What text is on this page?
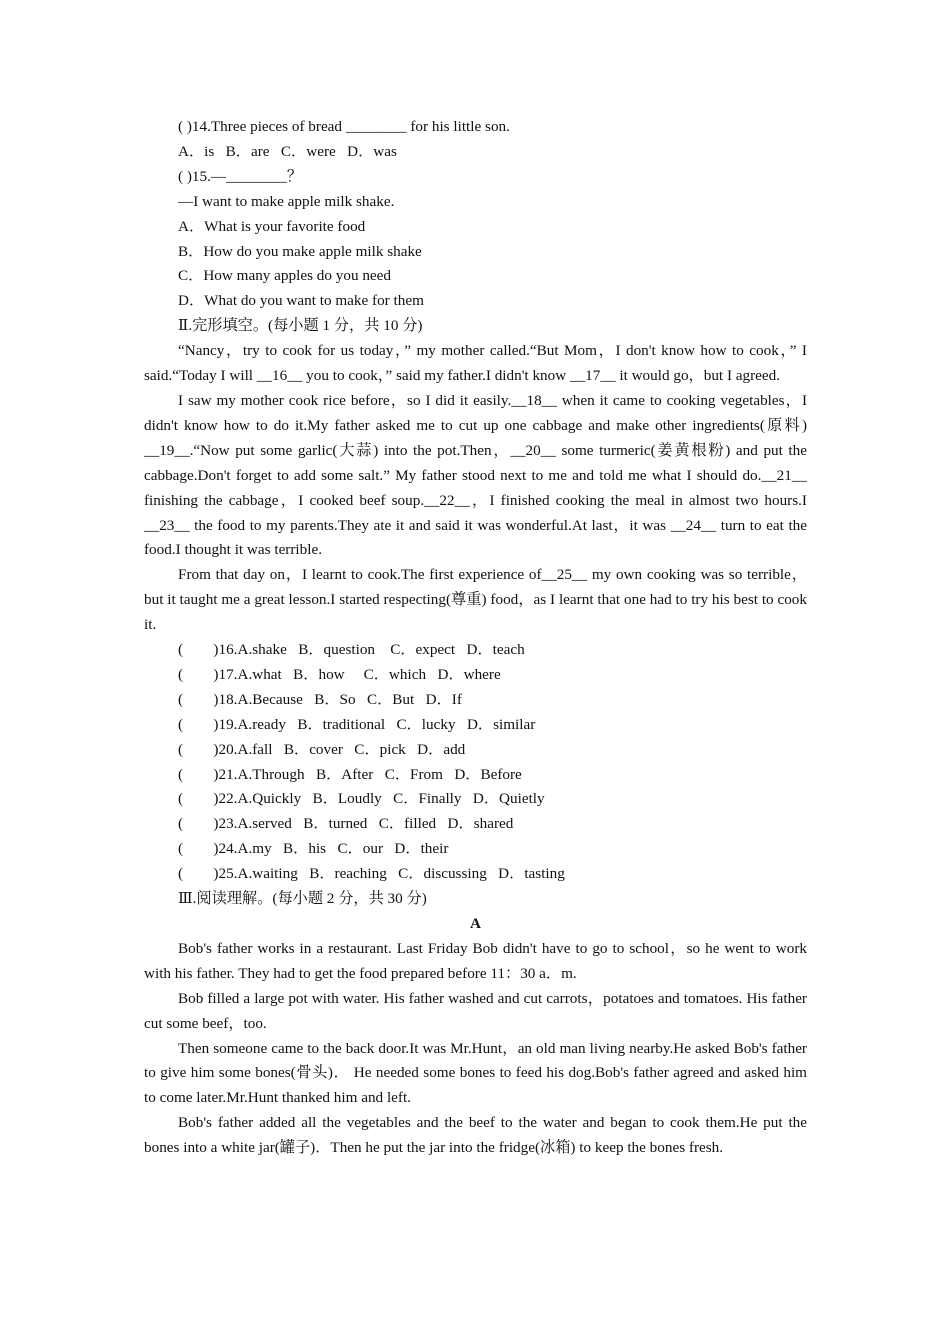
( )14.Three pieces of bread ________ for his little son.
A．is   B．are   C．were   D．was
( )15.—________？
—I want to make apple milk shake.
A．What is your favorite food
B．How do you make apple milk shake
C．How many apples do you need
D．What do you want to make for them
Ⅱ.完形填空。(每小题 1 分，共 10 分)

“Nancy，try to cook for us today，” my mother called.“But Mom，I don't know how to cook，” I said.“Today I will __16__ you to cook，” said my father.I didn't know __17__ it would go，but I agreed.

I saw my mother cook rice before，so I did it easily.__18__ when it came to cooking vegetables，I didn't know how to do it.My father asked me to cut up one cabbage and make other ingredients(原料) __19__.“Now put some garlic(大蒜) into the pot.Then，__20__ some turmeric(姜黄根粉) and put the cabbage.Don't forget to add some salt.” My father stood next to me and told me what I should do.__21__ finishing the cabbage，I cooked beef soup.__22__，I finished cooking the meal in almost two hours.I __23__ the food to my parents.They ate it and said it was wonderful.At last，it was __24__ turn to eat the food.I thought it was terrible.

From that day on，I learnt to cook.The first experience of__25__ my own cooking was so terrible，but it taught me a great lesson.I started respecting(尊重) food，as I learnt that one had to try his best to cook it.

(        )16.A.shake   B．question    C．expect   D．teach
(        )17.A.what   B．how     C．which   D．where
(        )18.A.Because   B．So   C．But   D．If
(        )19.A.ready   B．traditional   C．lucky   D．similar
(        )20.A.fall   B．cover   C．pick   D．add
(        )21.A.Through   B．After   C．From   D．Before
(        )22.A.Quickly   B．Loudly   C．Finally   D．Quietly
(        )23.A.served   B．turned   C．filled   D．shared
(        )24.A.my   B．his   C．our   D．their
(        )25.A.waiting   B．reaching   C．discussing   D．tasting
Ⅲ.阅读理解。(每小题 2 分，共 30 分)
A

Bob's father works in a restaurant. Last Friday Bob didn't have to go to school，so he went to work with his father. They had to get the food prepared before 11：30 a．m.

Bob filled a large pot with water. His father washed and cut carrots，potatoes and tomatoes. His father cut some beef，too.

Then someone came to the back door.It was Mr.Hunt，an old man living nearby.He asked Bob's father to give him some bones(骨头)． He needed some bones to feed his dog.Bob's father agreed and asked him to come later.Mr.Hunt thanked him and left.

Bob's father added all the vegetables and the beef to the water and began to cook them.He put the bones into a white jar(罐子)．Then he put the jar into the fridge(冰箱) to keep the bones fresh.
